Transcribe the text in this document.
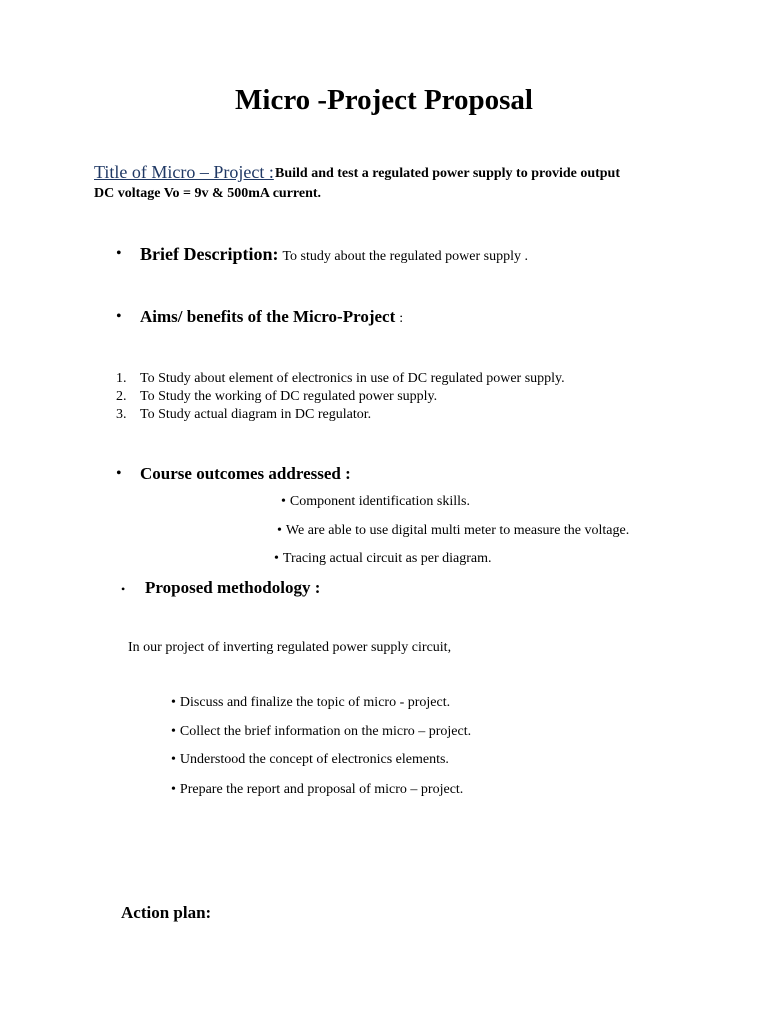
Micro -Project Proposal
Title of Micro – Project : Build and test a regulated power supply to provide output
DC voltage Vo = 9v & 500mA current.
• Brief Description: To study about the regulated power supply .
• Aims/ benefits of the Micro-Project :
1. To Study about element of electronics in use of DC regulated power supply.
2. To Study the working of DC regulated power supply.
3. To Study actual diagram in DC regulator.
• Course outcomes addressed :
• Component identification skills.
• We are able to use digital multi meter to measure the voltage.
• Tracing actual circuit as per diagram.
• Proposed methodology :
In our project of inverting regulated power supply circuit,
• Discuss and finalize the topic of micro - project.
• Collect the brief information on the micro – project.
• Understood the concept of electronics elements.
• Prepare the report and proposal of micro – project.
Action plan:
